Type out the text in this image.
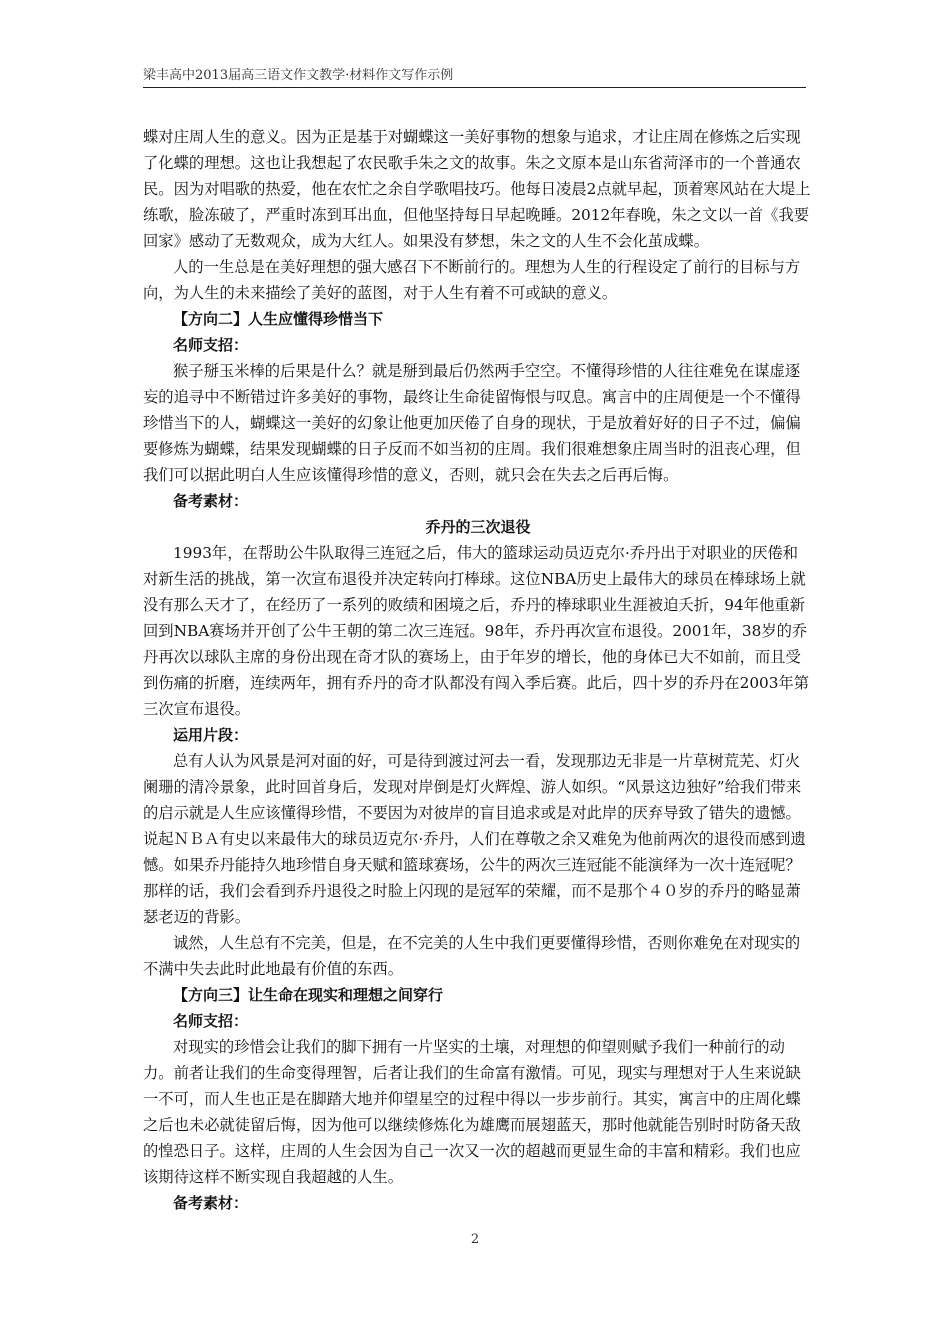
梁丰高中2013届高三语文作文教学·材料作文写作示例

蝶对庄周人生的意义。因为正是基于对蝴蝶这一美好事物的想象与追求，才让庄周在修炼之后实现了化蝶的理想。这也让我想起了农民歌手朱之文的故事。朱之文原本是山东省菏泽市的一个普通农民。因为对唱歌的热爱，他在农忙之余自学歌唱技巧。他每日凌晨2点就早起，顶着寒风站在大堤上练歌，脸冻破了，严重时冻到耳出血，但他坚持每日早起晚睡。2012年春晚，朱之文以一首《我要回家》感动了无数观众，成为大红人。如果没有梦想，朱之文的人生不会化茧成蝶。

人的一生总是在美好理想的强大感召下不断前行的。理想为人生的行程设定了前行的目标与方向，为人生的未来描绘了美好的蓝图，对于人生有着不可或缺的意义。

【方向二】人生应懂得珍惜当下

名师支招：

猴子掰玉米棒的后果是什么？就是掰到最后仍然两手空空。不懂得珍惜的人往往难免在谋虚逐妄的追寻中不断错过许多美好的事物，最终让生命徒留悔恨与叹息。寓言中的庄周便是一个不懂得珍惜当下的人，蝴蝶这一美好的幻象让他更加厌倦了自身的现状，于是放着好好的日子不过，偏偏要修炼为蝴蝶，结果发现蝴蝶的日子反而不如当初的庄周。我们很难想象庄周当时的沮丧心理，但我们可以据此明白人生应该懂得珍惜的意义，否则，就只会在失去之后再后悔。

备考素材：

乔丹的三次退役

1993年，在帮助公牛队取得三连冠之后，伟大的篮球运动员迈克尔·乔丹出于对职业的厌倦和对新生活的挑战，第一次宣布退役并决定转向打棒球。这位NBA历史上最伟大的球员在棒球场上就没有那么天才了，在经历了一系列的败绩和困境之后，乔丹的棒球职业生涯被迫夭折，94年他重新回到NBA赛场并开创了公牛王朝的第二次三连冠。98年，乔丹再次宣布退役。2001年，38岁的乔丹再次以球队主席的身份出现在奇才队的赛场上，由于年岁的增长，他的身体已大不如前，而且受到伤痛的折磨，连续两年，拥有乔丹的奇才队都没有闯入季后赛。此后，四十岁的乔丹在2003年第三次宣布退役。

运用片段：

总有人认为风景是河对面的好，可是待到渡过河去一看，发现那边无非是一片草树荒芜、灯火阑珊的清冷景象，此时回首身后，发现对岸倒是灯火辉煌、游人如织。“风景这边独好”给我们带来的启示就是人生应该懂得珍惜，不要因为对彼岸的盲目追求或是对此岸的厌弃导致了错失的遗憾。说起ＮＢＡ有史以来最伟大的球员迈克尔·乔丹，人们在尊敬之余又难免为他前两次的退役而感到遗憾。如果乔丹能持久地珍惜自身天赋和篮球赛场，公牛的两次三连冠能不能演绎为一次十连冠呢？那样的话，我们会看到乔丹退役之时脸上闪现的是冠军的荣耀，而不是那个４０岁的乔丹的略显萧瑟老迈的背影。

诚然，人生总有不完美，但是，在不完美的人生中我们更要懂得珍惜，否则你难免在对现实的不满中失去此时此地最有价值的东西。

【方向三】让生命在现实和理想之间穿行

名师支招：

对现实的珍惜会让我们的脚下拥有一片坚实的土壤，对理想的仰望则赋予我们一种前行的动力。前者让我们的生命变得理智，后者让我们的生命富有激情。可见，现实与理想对于人生来说缺一不可，而人生也正是在脚踏大地并仰望星空的过程中得以一步步前行。其实，寓言中的庄周化蝶之后也未必就徒留后悔，因为他可以继续修炼化为雄鹰而展翅蓝天，那时他就能告别时时防备天敌的惶恐日子。这样，庄周的人生会因为自己一次又一次的超越而更显生命的丰富和精彩。我们也应该期待这样不断实现自我超越的人生。

备考素材：

2
